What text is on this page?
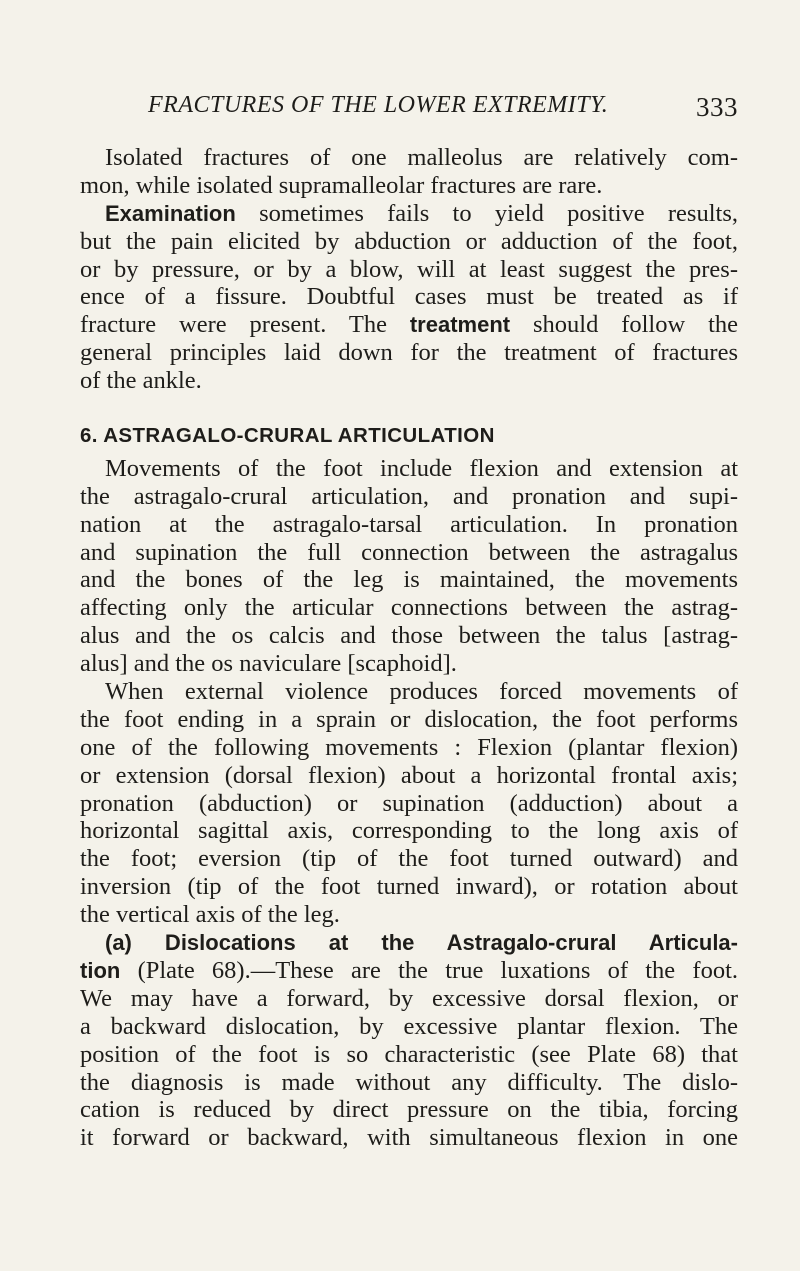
FRACTURES OF THE LOWER EXTREMITY.	333
Isolated fractures of one malleolus are relatively com-
mon, while isolated supramalleolar fractures are rare.
Examination sometimes fails to yield positive results,
but the pain elicited by abduction or adduction of the foot,
or by pressure, or by a blow, will at least suggest the pres-
ence of a fissure. Doubtful cases must be treated as if
fracture were present. The treatment should follow the
general principles laid down for the treatment of fractures
of the ankle.
6. ASTRAGALO-CRURAL ARTICULATION
Movements of the foot include flexion and extension at
the astragalo-crural articulation, and pronation and supi-
nation at the astragalo-tarsal articulation. In pronation
and supination the full connection between the astragalus
and the bones of the leg is maintained, the movements
affecting only the articular connections between the astrag-
alus and the os calcis and those between the talus [astrag-
alus] and the os naviculare [scaphoid].
When external violence produces forced movements of
the foot ending in a sprain or dislocation, the foot performs
one of the following movements : Flexion (plantar flexion)
or extension (dorsal flexion) about a horizontal frontal axis;
pronation (abduction) or supination (adduction) about a
horizontal sagittal axis, corresponding to the long axis of
the foot; eversion (tip of the foot turned outward) and
inversion (tip of the foot turned inward), or rotation about
the vertical axis of the leg.
(a) Dislocations at the Astragalo-crural Articula-
tion (Plate 68).—These are the true luxations of the foot.
We may have a forward, by excessive dorsal flexion, or
a backward dislocation, by excessive plantar flexion. The
position of the foot is so characteristic (see Plate 68) that
the diagnosis is made without any difficulty. The dislo-
cation is reduced by direct pressure on the tibia, forcing
it forward or backward, with simultaneous flexion in one
